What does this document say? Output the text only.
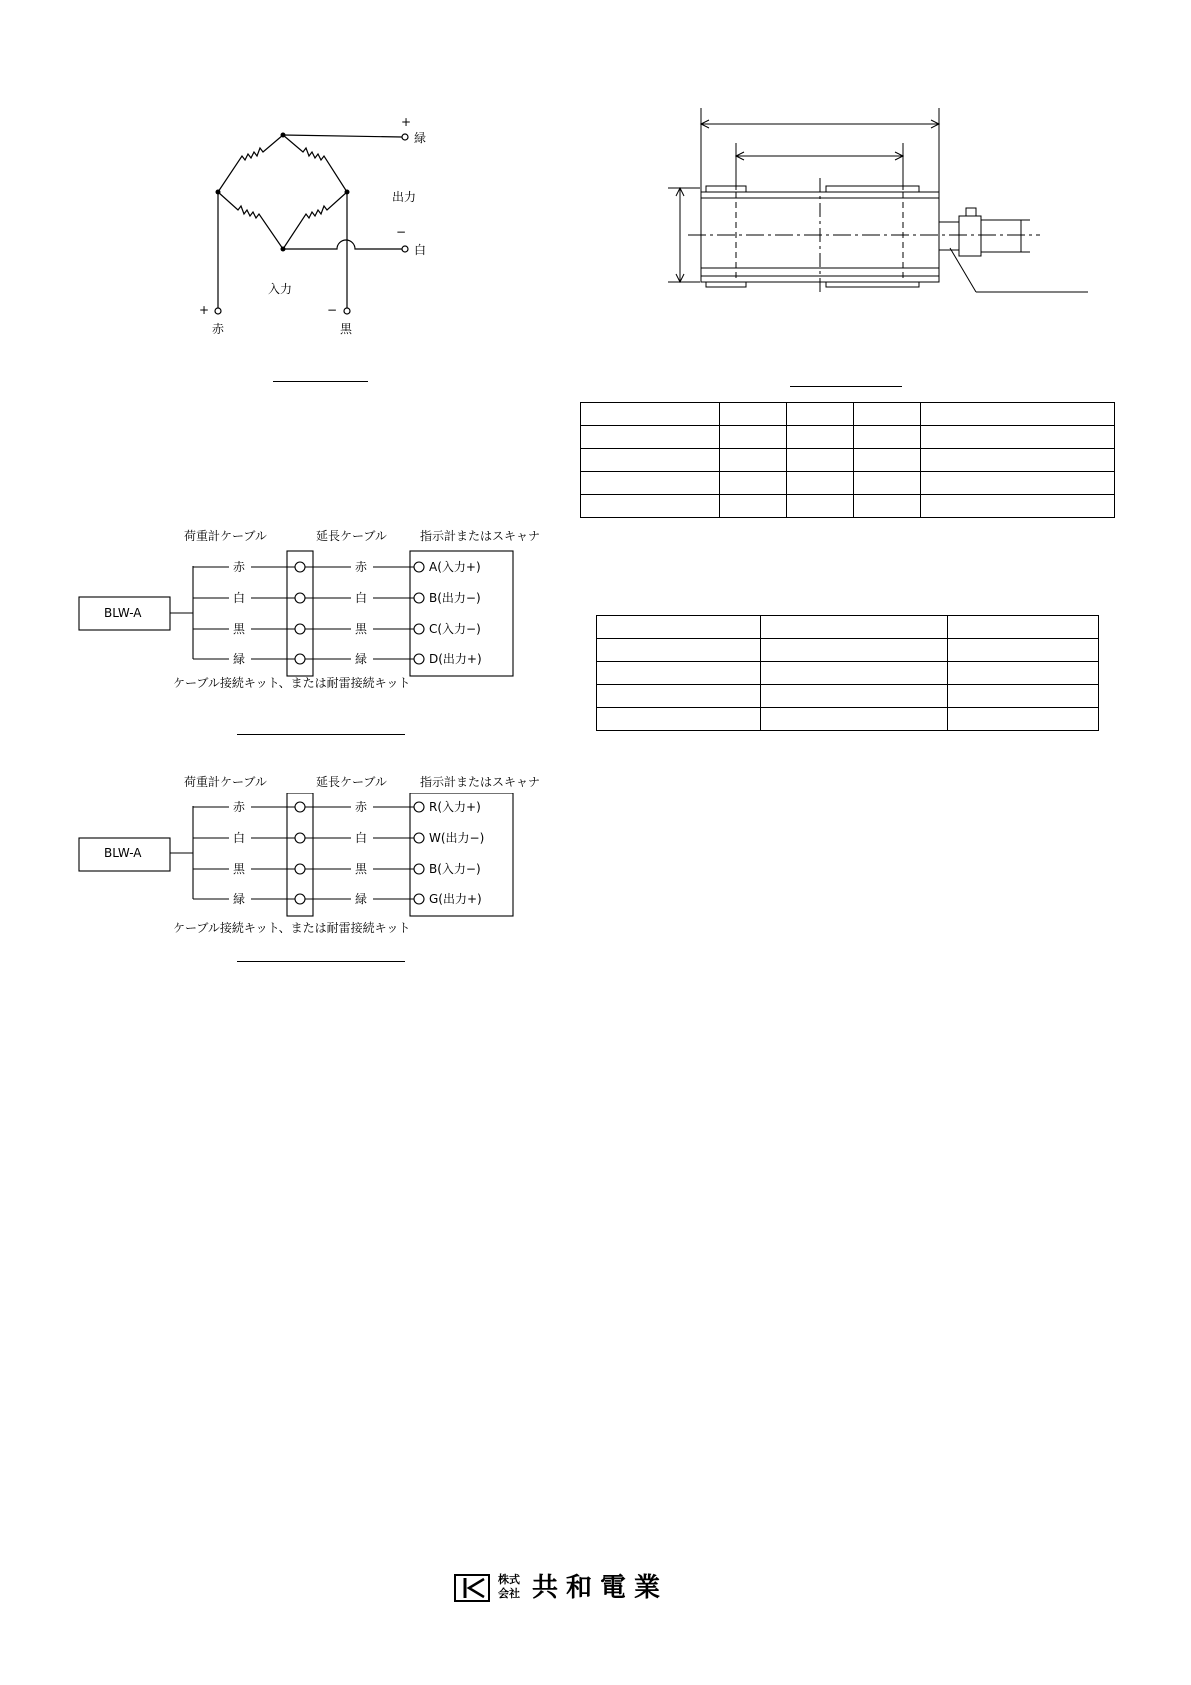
+
緑
出力
−
白
入力
+
赤
−
黒

荷重計ケーブル	延長ケーブル	指示計またはスキャナ
BLW-A
赤
白
黒
緑
赤
白
黒
緑
A(入力+)
B(出力−)
C(入力−)
D(出力+)
ケーブル接続キット、または耐雷接続キット
荷重計ケーブル	延長ケーブル	指示計またはスキャナ
BLW-A
赤
白
黒
緑
赤
白
黒
緑
R(入力+)
W(出力−)
B(入力−)
G(出力+)
ケーブル接続キット、または耐雷接続キット
株式
会社 共和電業
